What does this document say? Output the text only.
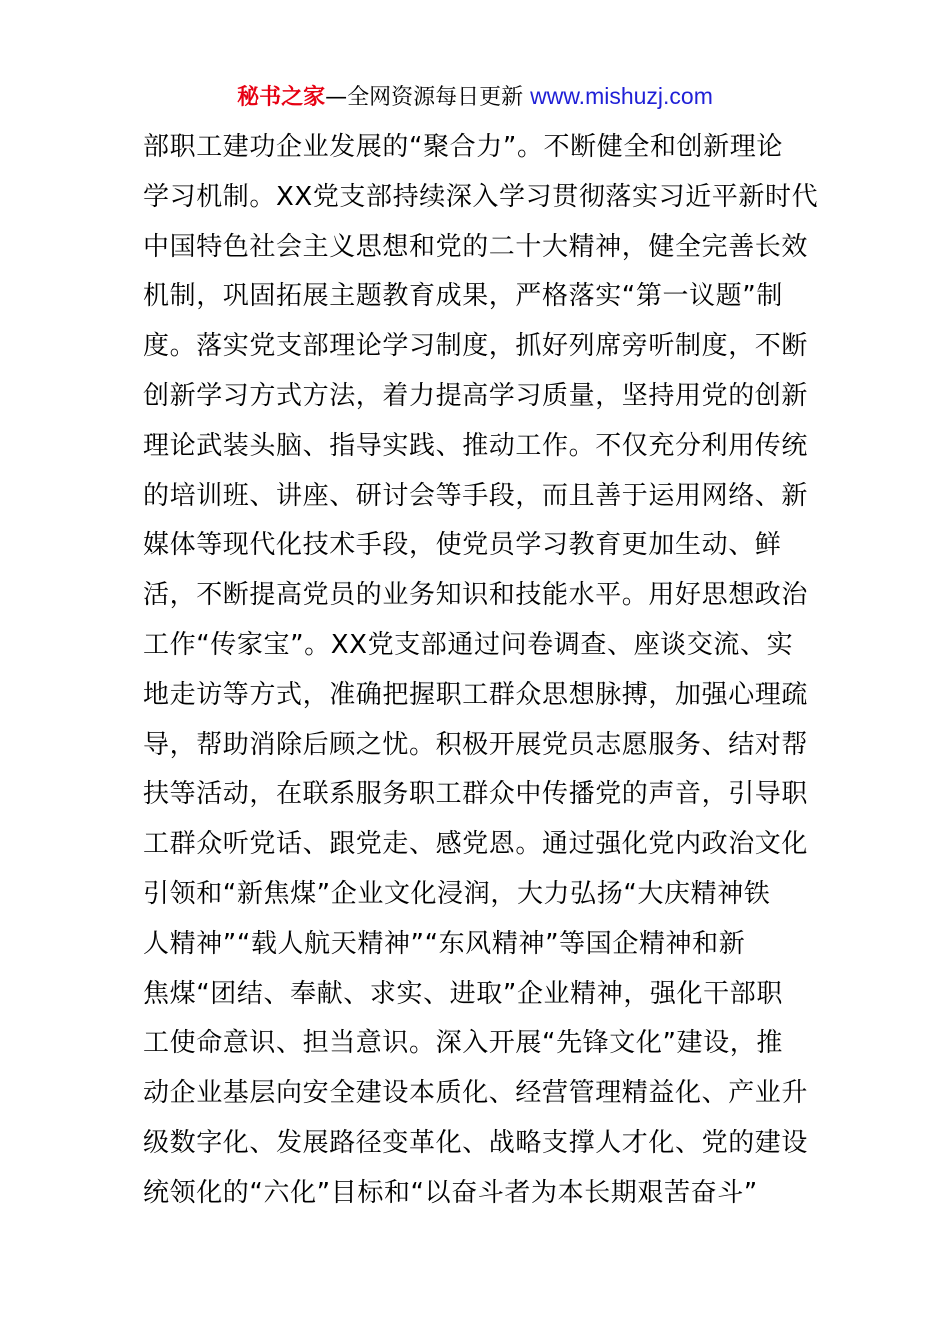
秘书之家—全网资源每日更新 www.mishuzj.com
部职工建功企业发展的“聚合力”。不断健全和创新理论
学习机制。XX党支部持续深入学习贯彻落实习近平新时代
中国特色社会主义思想和党的二十大精神，健全完善长效
机制，巩固拓展主题教育成果，严格落实“第一议题”制
度。落实党支部理论学习制度，抓好列席旁听制度，不断
创新学习方式方法，着力提高学习质量，坚持用党的创新
理论武装头脑、指导实践、推动工作。不仅充分利用传统
的培训班、讲座、研讨会等手段，而且善于运用网络、新
媒体等现代化技术手段，使党员学习教育更加生动、鲜
活，不断提高党员的业务知识和技能水平。用好思想政治
工作“传家宝”。XX党支部通过问卷调查、座谈交流、实
地走访等方式，准确把握职工群众思想脉搏，加强心理疏
导，帮助消除后顾之忧。积极开展党员志愿服务、结对帮
扶等活动，在联系服务职工群众中传播党的声音，引导职
工群众听党话、跟党走、感党恩。通过强化党内政治文化
引领和“新焦煤”企业文化浸润，大力弘扬“大庆精神铁
人精神”“载人航天精神”“东风精神”等国企精神和新
焦煤“团结、奉献、求实、进取”企业精神，强化干部职
工使命意识、担当意识。深入开展“先锋文化”建设，推
动企业基层向安全建设本质化、经营管理精益化、产业升
级数字化、发展路径变革化、战略支撑人才化、党的建设
统领化的“六化”目标和“以奋斗者为本长期艰苦奋斗”
